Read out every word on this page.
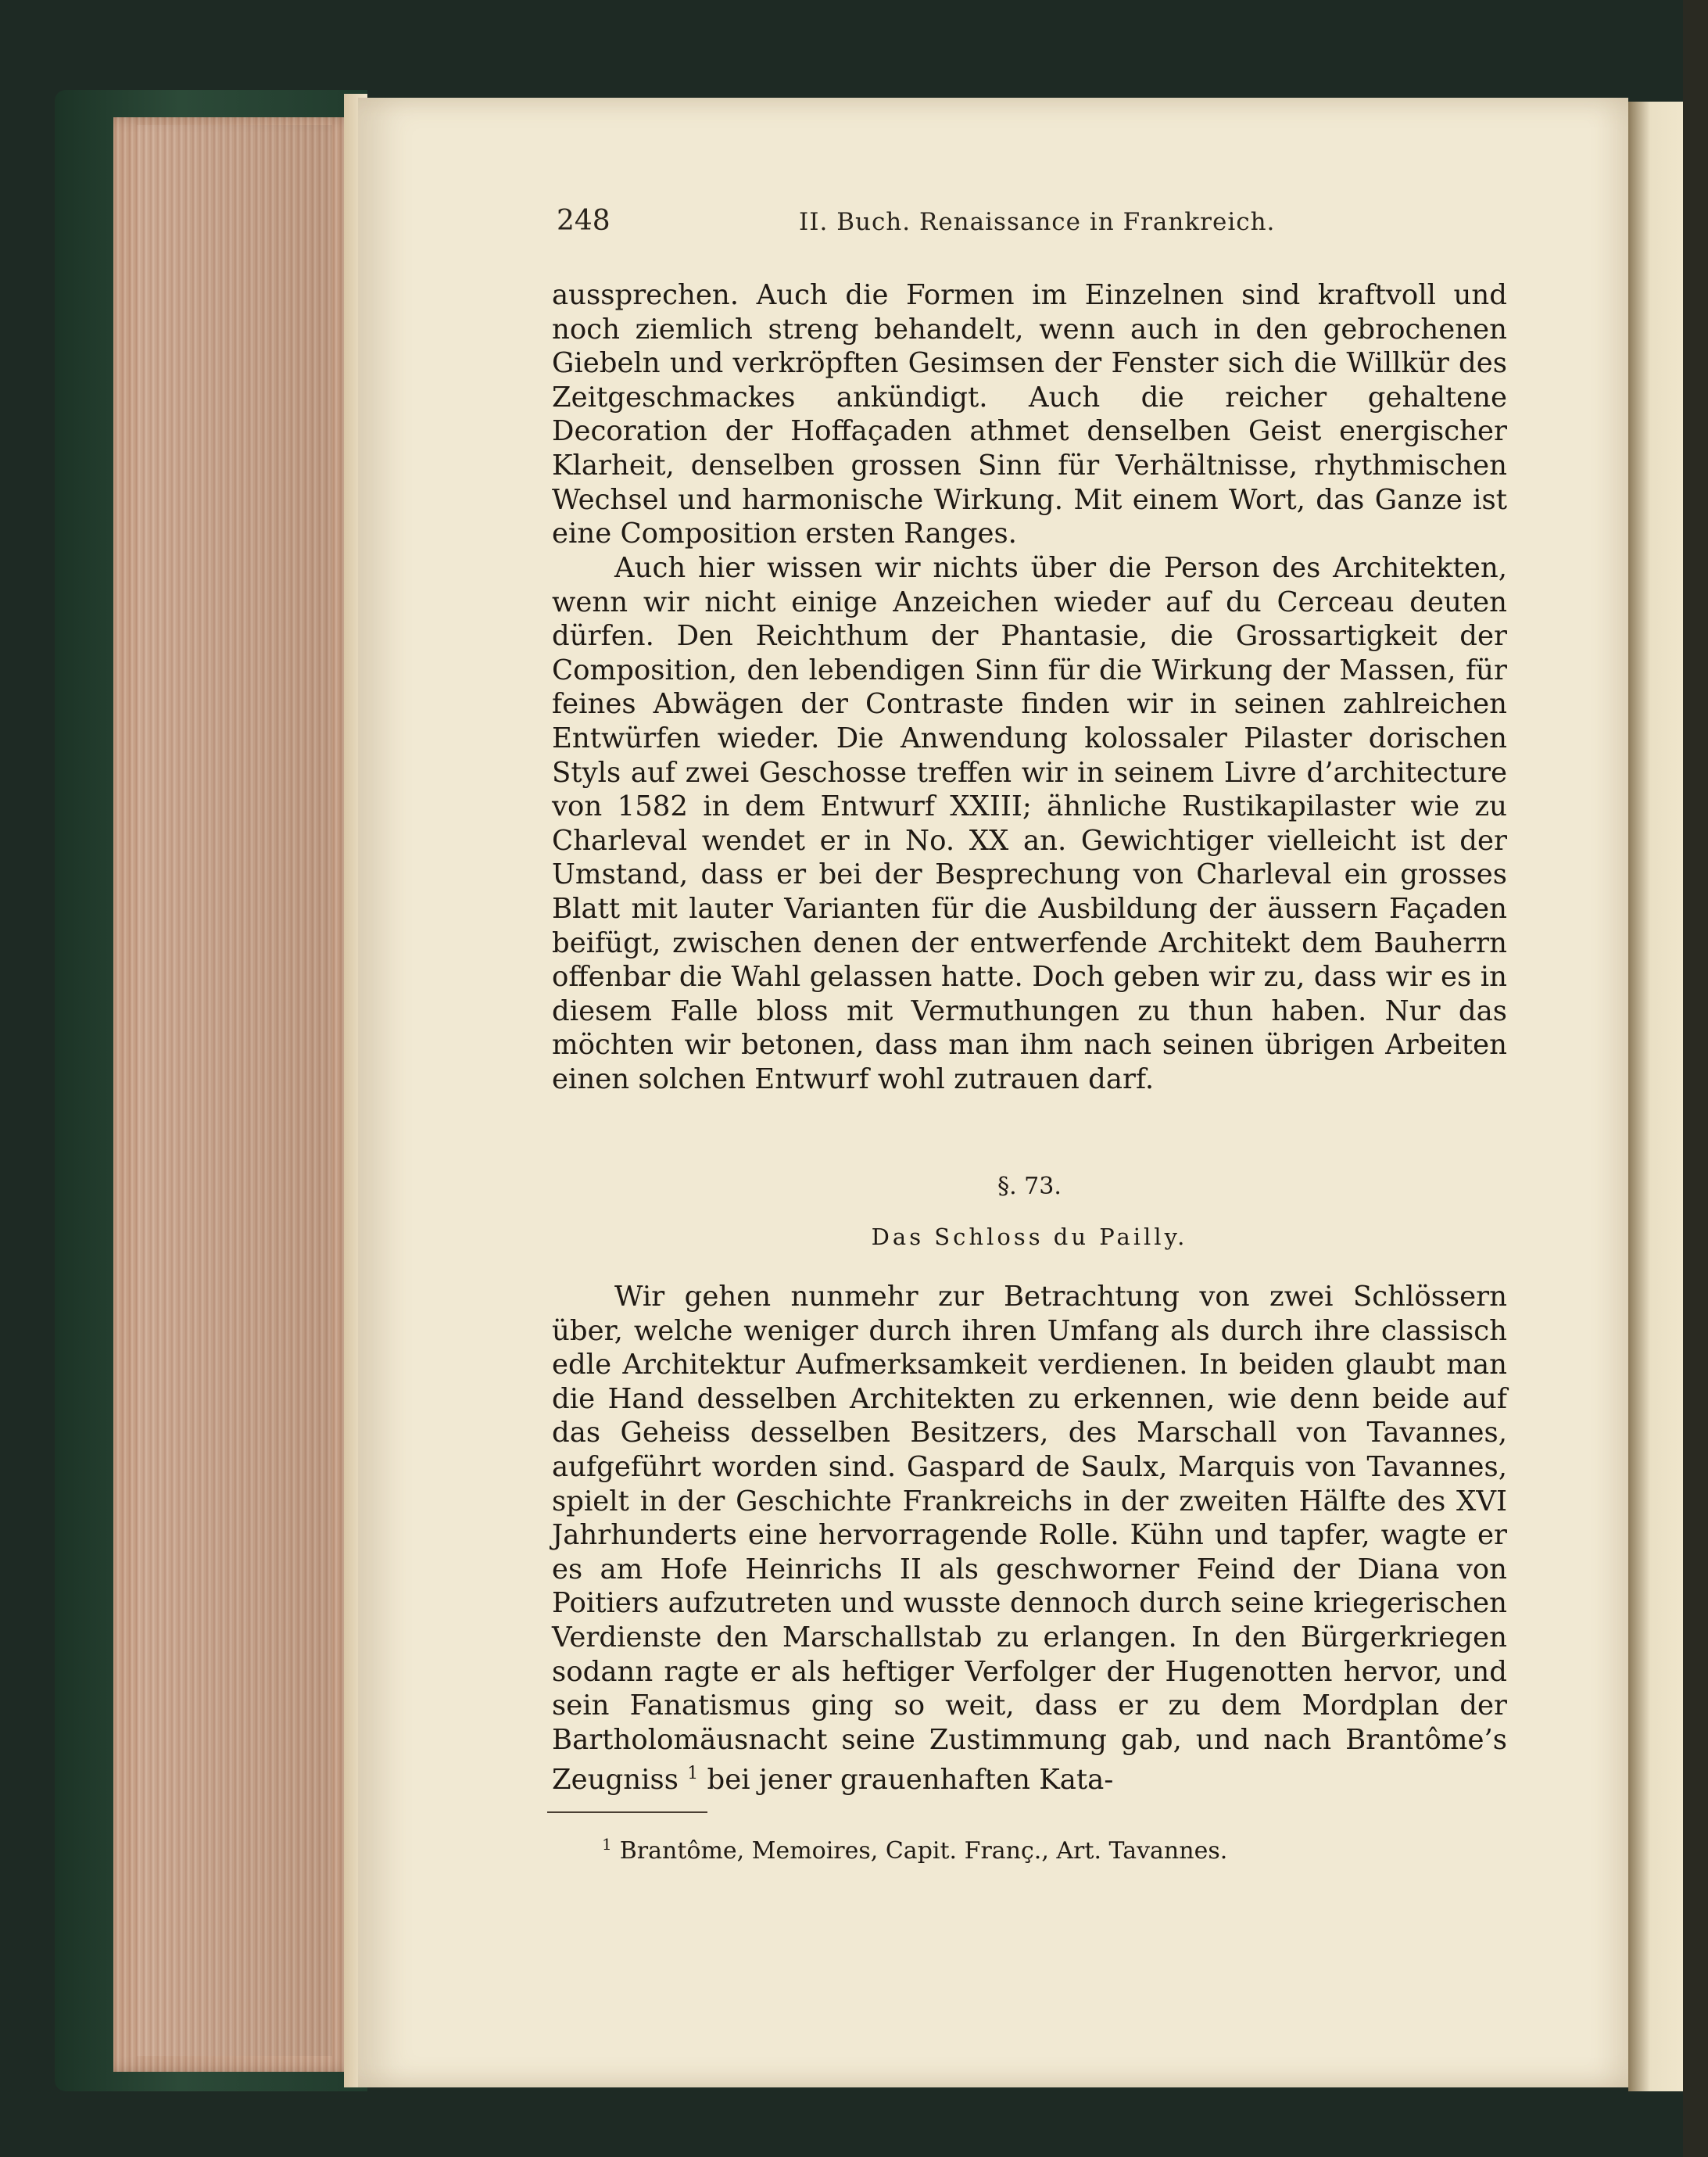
248	II. Buch. Renaissance in Frankreich.

aussprechen. Auch die Formen im Einzelnen sind kraftvoll und noch ziemlich streng behandelt, wenn auch in den gebrochenen Giebeln und verkröpften Gesimsen der Fenster sich die Willkür des Zeitgeschmackes ankündigt. Auch die reicher gehaltene Decoration der Hoffaçaden athmet denselben Geist energischer Klarheit, denselben grossen Sinn für Verhältnisse, rhythmischen Wechsel und harmonische Wirkung. Mit einem Wort, das Ganze ist eine Composition ersten Ranges.

Auch hier wissen wir nichts über die Person des Architekten, wenn wir nicht einige Anzeichen wieder auf du Cerceau deuten dürfen. Den Reichthum der Phantasie, die Grossartigkeit der Composition, den lebendigen Sinn für die Wirkung der Massen, für feines Abwägen der Contraste finden wir in seinen zahlreichen Entwürfen wieder. Die Anwendung kolossaler Pilaster dorischen Styls auf zwei Geschosse treffen wir in seinem Livre d’architecture von 1582 in dem Entwurf XXIII; ähnliche Rustikapilaster wie zu Charleval wendet er in No. XX an. Gewichtiger vielleicht ist der Umstand, dass er bei der Besprechung von Charleval ein grosses Blatt mit lauter Varianten für die Ausbildung der äussern Façaden beifügt, zwischen denen der entwerfende Architekt dem Bauherrn offenbar die Wahl gelassen hatte. Doch geben wir zu, dass wir es in diesem Falle bloss mit Vermuthungen zu thun haben. Nur das möchten wir betonen, dass man ihm nach seinen übrigen Arbeiten einen solchen Entwurf wohl zutrauen darf.

§. 73.
Das Schloss du Pailly.

Wir gehen nunmehr zur Betrachtung von zwei Schlössern über, welche weniger durch ihren Umfang als durch ihre classisch edle Architektur Aufmerksamkeit verdienen. In beiden glaubt man die Hand desselben Architekten zu erkennen, wie denn beide auf das Geheiss desselben Besitzers, des Marschall von Tavannes, aufgeführt worden sind. Gaspard de Saulx, Marquis von Tavannes, spielt in der Geschichte Frankreichs in der zweiten Hälfte des XVI Jahrhunderts eine hervorragende Rolle. Kühn und tapfer, wagte er es am Hofe Heinrichs II als geschworner Feind der Diana von Poitiers aufzutreten und wusste dennoch durch seine kriegerischen Verdienste den Marschallstab zu erlangen. In den Bürgerkriegen sodann ragte er als heftiger Verfolger der Hugenotten hervor, und sein Fanatismus ging so weit, dass er zu dem Mordplan der Bartholomäusnacht seine Zustimmung gab, und nach Brantôme’s Zeugniss $^1$ bei jener grauenhaften Kata-

$^1$ Brantôme, Memoires, Capit. Franç., Art. Tavannes.
